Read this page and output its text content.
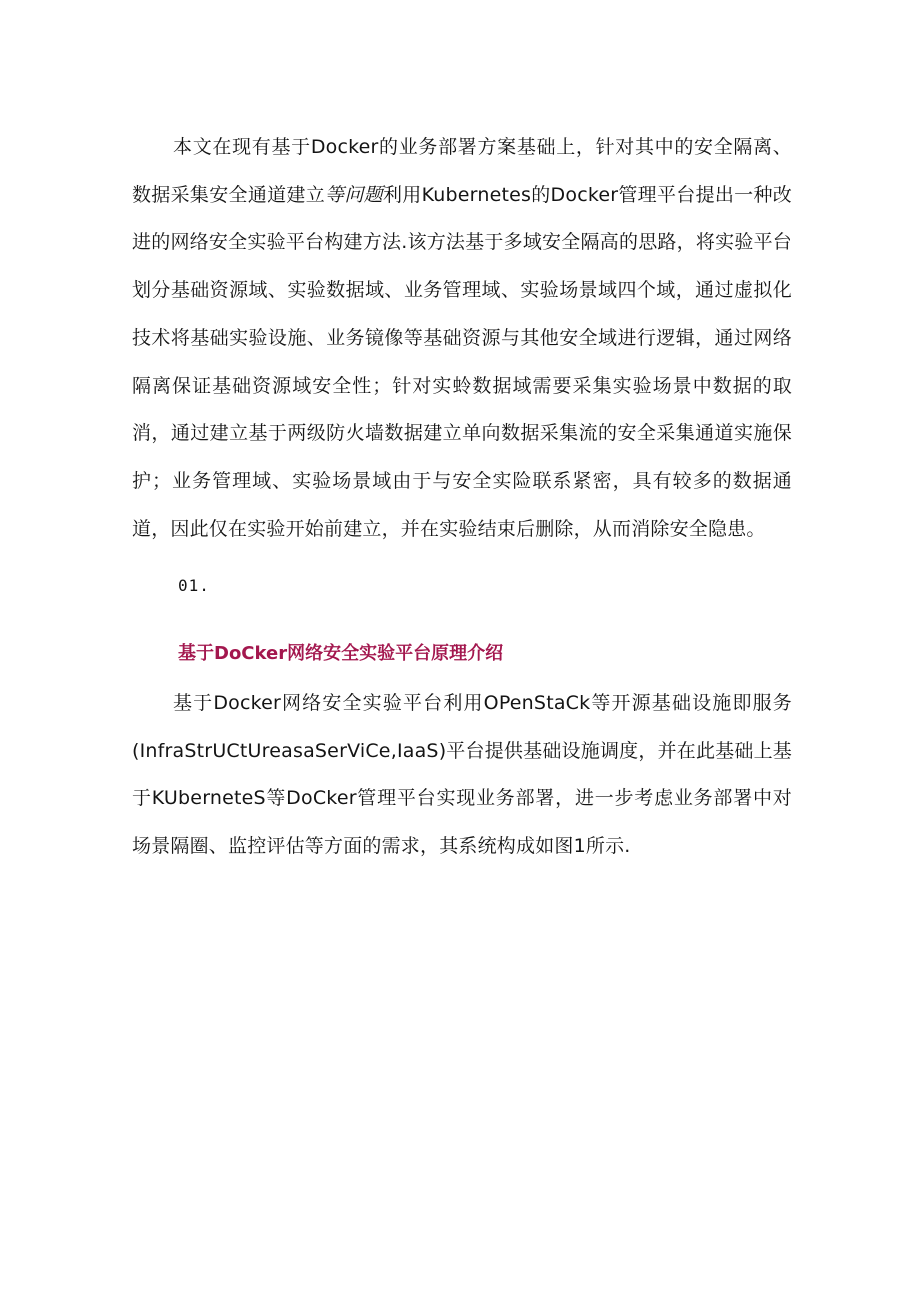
本文在现有基于Docker的业务部署方案基础上，针对其中的安全隔离、数据采集安全通道建立等问题利用Kubernetes的Docker管理平台提出一种改进的网络安全实验平台构建方法.该方法基于多域安全隔高的思路，将实验平台划分基础资源域、实验数据域、业务管理域、实验场景域四个域，通过虚拟化技术将基础实验设施、业务镜像等基础资源与其他安全域进行逻辑，通过网络隔离保证基础资源域安全性；针对实蛉数据域需要采集实验场景中数据的取消，通过建立基于两级防火墙数据建立单向数据采集流的安全采集通道实施保护；业务管理域、实验场景域由于与安全实险联系紧密，具有较多的数据通道，因此仅在实验开始前建立，并在实验结束后删除，从而消除安全隐患。

01.
基于DoCker网络安全实验平台原理介绍

基于Docker网络安全实验平台利用OPenStaCk等开源基础设施即服务(InfraStrUCtUreasaSerViCe,IaaS)平台提供基础设施调度，并在此基础上基于KUberneteS等DoCker管理平台实现业务部署，进一步考虑业务部署中对场景隔圈、监控评估等方面的需求，其系统构成如图1所示.
